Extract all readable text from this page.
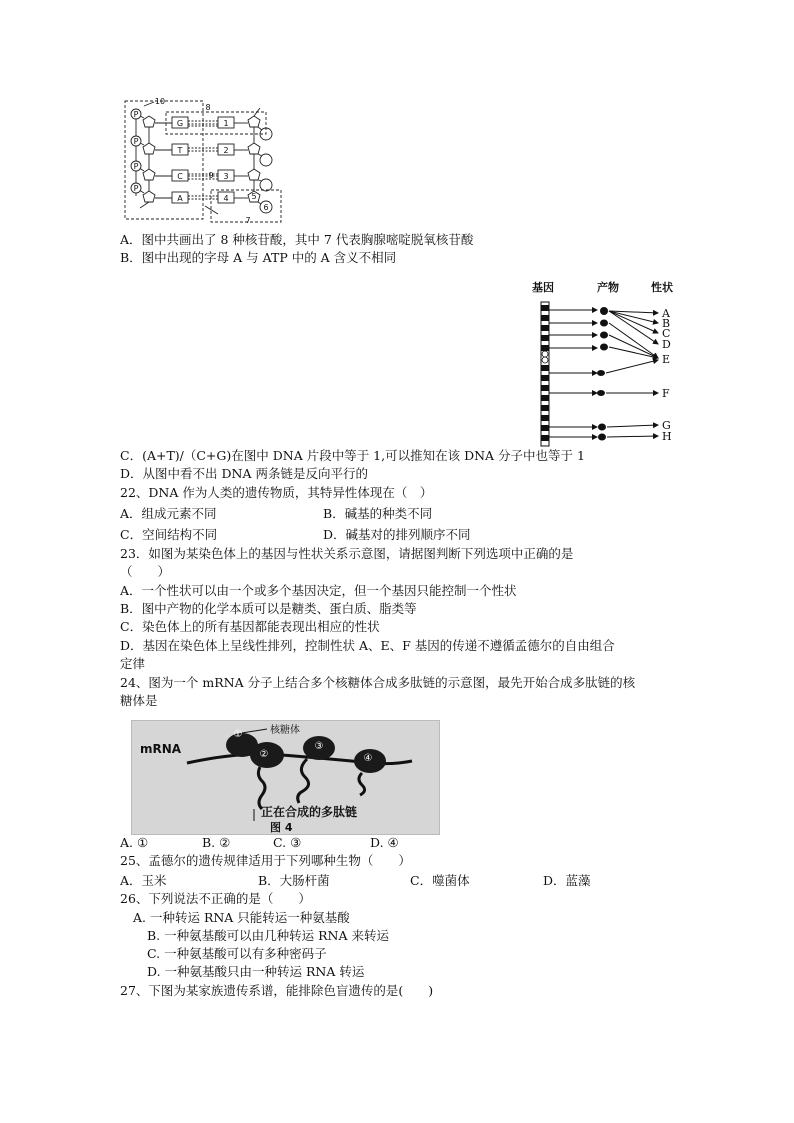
P
P
P
P
10
8
9
G
T
C
A
1
2
3
4	5
6
7
A．图中共画出了 8 种核苷酸，其中 7 代表胸腺嘧啶脱氧核苷酸
B．图中出现的字母 A 与 ATP 中的 A 含义不相同
基因	产物	性状
A
B
C
D
E
F
G
H
C．(A+T)/（C+G)在图中 DNA 片段中等于 1,可以推知在该 DNA 分子中也等于 1
D．从图中看不出 DNA 两条链是反向平行的
22、DNA 作为人类的遗传物质，其特异性体现在（　）
A．组成元素不同	B．碱基的种类不同
C．空间结构不同	D．碱基对的排列顺序不同
23．如图为某染色体上的基因与性状关系示意图，请据图判断下列选项中正确的是
（　　）
A．一个性状可以由一个或多个基因决定，但一个基因只能控制一个性状
B．图中产物的化学本质可以是糖类、蛋白质、脂类等
C．染色体上的所有基因都能表现出相应的性状
D．基因在染色体上呈线性排列，控制性状 A、E、F 基因的传递不遵循孟德尔的自由组合
定律
24、图为一个 mRNA 分子上结合多个核糖体合成多肽链的示意图，最先开始合成多肽链的核
糖体是
①
②
③
④
核糖体
mRNA
正在合成的多肽链
图 4
A. ①	B. ②	C. ③	D. ④
25、孟德尔的遗传规律适用于下列哪种生物（　　）
A．玉米	B．大肠杆菌	C．噬菌体	D．蓝藻
26、下列说法不正确的是（　　）
A. 一种转运 RNA 只能转运一种氨基酸
B. 一种氨基酸可以由几种转运 RNA 来转运
C. 一种氨基酸可以有多种密码子
D. 一种氨基酸只由一种转运 RNA 转运
27、下图为某家族遗传系谱，能排除色盲遗传的是(　　)
